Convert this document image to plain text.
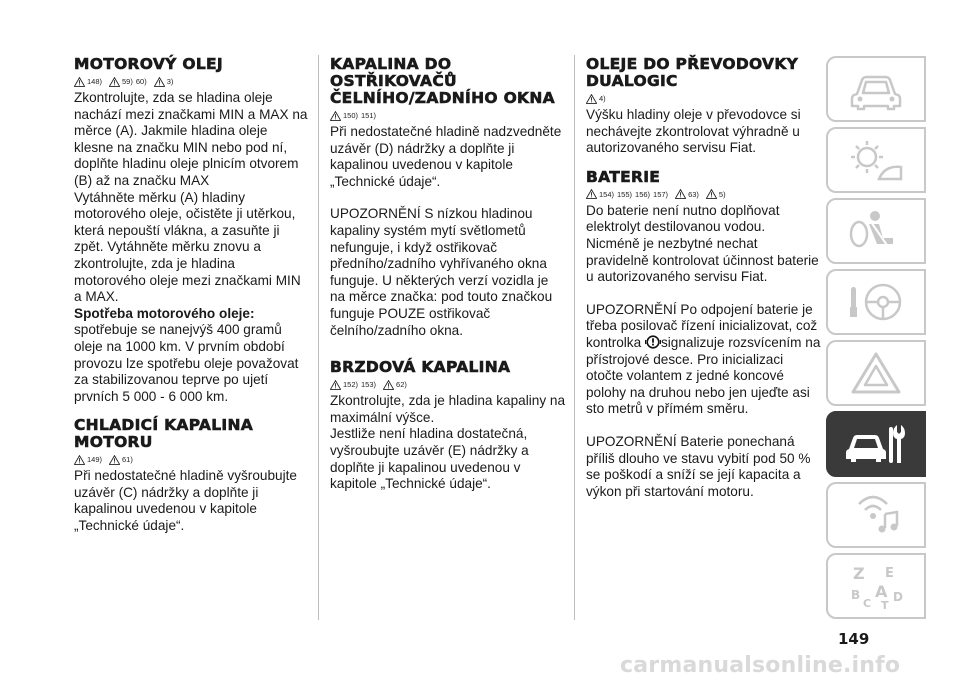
MOTOROVÝ OLEJ
148)	59) 60)	3)

Zkontrolujte, zda se hladina oleje nachází mezi značkami MIN a MAX na měrce (A). Jakmile hladina oleje klesne na značku MIN nebo pod ní, doplňte hladinu oleje plnicím otvorem (B) až na značku MAX

Vytáhněte měrku (A) hladiny motorového oleje, očistěte ji utěrkou, která nepouští vlákna, a zasuňte ji zpět. Vytáhněte měrku znovu a zkontrolujte, zda je hladina motorového oleje mezi značkami MIN a MAX.

Spotřeba motorového oleje:
spotřebuje se nanejvýš 400 gramů oleje na 1000 km. V prvním období provozu lze spotřebu oleje považovat za stabilizovanou teprve po ujetí prvních 5 000 - 6 000 km.

CHLADICÍ KAPALINA MOTORU
149)	61)

Při nedostatečné hladině vyšroubujte uzávěr (C) nádržky a doplňte ji kapalinou uvedenou v kapitole „Technické údaje“.

KAPALINA DO OSTŘIKOVAČŮ ČELNÍHO/ZADNÍHO OKNA
150) 151)

Při nedostatečné hladině nadzvedněte uzávěr (D) nádržky a doplňte ji kapalinou uvedenou v kapitole „Technické údaje“.

UPOZORNĚNÍ S nízkou hladinou kapaliny systém mytí světlometů nefunguje, i když ostřikovač předního/zadního vyhřívaného okna funguje. U některých verzí vozidla je na měrce značka: pod touto značkou funguje POUZE ostřikovač čelního/zadního okna.

BRZDOVÁ KAPALINA
152) 153)	62)

Zkontrolujte, zda je hladina kapaliny na maximální výšce.

Jestliže není hladina dostatečná, vyšroubujte uzávěr (E) nádržky a doplňte ji kapalinou uvedenou v kapitole „Technické údaje“.

OLEJE DO PŘEVODOVKY DUALOGIC
4)

Výšku hladiny oleje v převodovce si nechávejte zkontrolovat výhradně u autorizovaného servisu Fiat.

BATERIE
154) 155) 156) 157)	63)	5)

Do baterie není nutno doplňovat elektrolyt destilovanou vodou. Nicméně je nezbytné nechat pravidelně kontrolovat účinnost baterie u autorizovaného servisu Fiat.

UPOZORNĚNÍ Po odpojení baterie je třeba posilovač řízení inicializovat, což kontrolka signalizuje rozsvícením na přístrojové desce. Pro inicializaci otočte volantem z jedné koncové polohy na druhou nebo jen ujeďte asi sto metrů v přímém směru.

UPOZORNĚNÍ Baterie ponechaná příliš dlouho ve stavu vybití pod 50 % se poškodí a sníží se její kapacita a výkon při startování motoru.

Z E
B A D
C T
149
carmanualsonline.info
